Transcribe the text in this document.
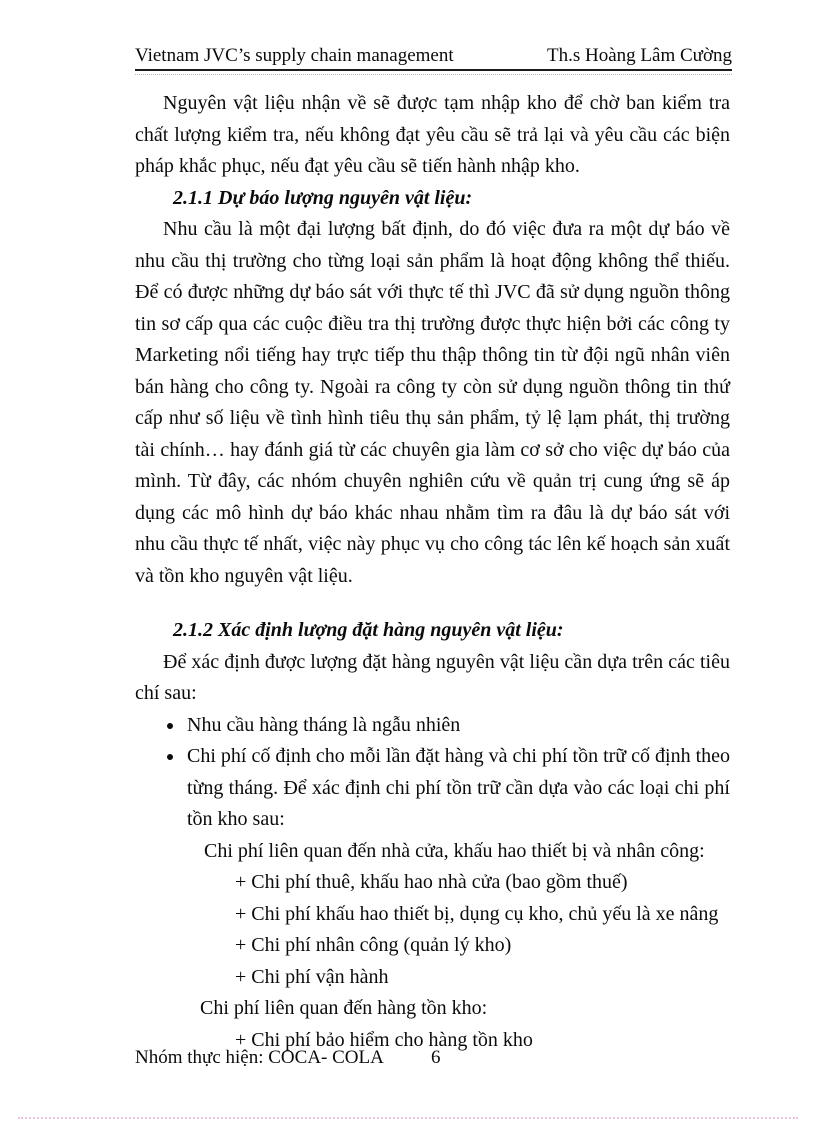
Vietnam JVC’s supply chain management	Th.s Hoàng Lâm Cường

Nguyên vật liệu nhận về sẽ được tạm nhập kho để chờ ban kiểm tra chất lượng kiểm tra, nếu không đạt yêu cầu sẽ trả lại và yêu cầu các biện pháp khắc phục, nếu đạt yêu cầu sẽ tiến hành nhập kho.

2.1.1 Dự báo lượng nguyên vật liệu:

Nhu cầu là một đại lượng bất định, do đó việc đưa ra một dự báo về nhu cầu thị trường cho từng loại sản phẩm là hoạt động không thể thiếu. Để có được những dự báo sát với thực tế thì JVC đã sử dụng nguồn thông tin sơ cấp qua các cuộc điều tra thị trường được thực hiện bởi các công ty Marketing nổi tiếng hay trực tiếp thu thập thông tin từ đội ngũ nhân viên bán hàng cho công ty. Ngoài ra công ty còn sử dụng nguồn thông tin thứ cấp như số liệu về tình hình tiêu thụ sản phẩm, tỷ lệ lạm phát, thị trường tài chính… hay đánh giá từ các chuyên gia làm cơ sở cho việc dự báo của mình. Từ đây, các nhóm chuyên nghiên cứu về quản trị cung ứng sẽ áp dụng các mô hình dự báo khác nhau nhằm tìm ra đâu là dự báo sát với nhu cầu thực tế nhất, việc này phục vụ cho công tác lên kế hoạch sản xuất và tồn kho nguyên vật liệu.

2.1.2 Xác định lượng đặt hàng nguyên vật liệu:

Để xác định được lượng đặt hàng nguyên vật liệu cần dựa trên các tiêu chí sau:

• Nhu cầu hàng tháng là ngẫu nhiên
• Chi phí cố định cho mỗi lần đặt hàng và chi phí tồn trữ cố định theo từng tháng. Để xác định chi phí tồn trữ cần dựa vào các loại chi phí tồn kho sau:

Chi phí liên quan đến nhà cửa, khấu hao thiết bị và nhân công:

+ Chi phí thuê, khấu hao nhà cửa (bao gồm thuế)

+ Chi phí khấu hao thiết bị, dụng cụ kho, chủ yếu là xe nâng

+ Chi phí nhân công (quản lý kho)

+ Chi phí vận hành

Chi phí liên quan đến hàng tồn kho:

+ Chi phí bảo hiểm cho hàng tồn kho

Nhóm thực hiện: COCA- COLA 6
